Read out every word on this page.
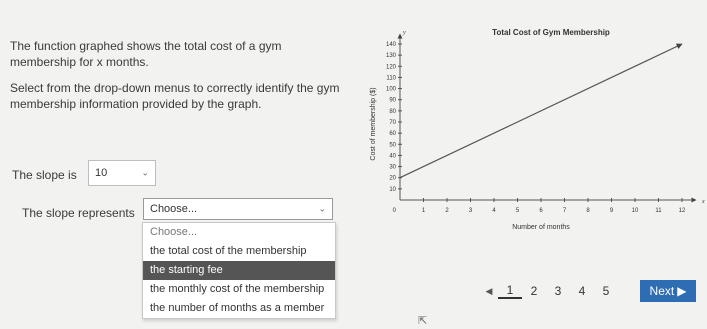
The function graphed shows the total cost of a gym membership for x months.
Select from the drop-down menus to correctly identify the gym membership information provided by the graph.
The slope is 10	⌄
The slope represents Choose...	⌄
Choose...
the total cost of the membership
the starting fee
the monthly cost of the membership
the number of months as a member
1	2	3	4	5	6	7	8	9	10	11	12
10
20
30
40
50
60
70
80
90
100
110
120
130
140
0
Total Cost of Gym Membership
Number of months
Cost of membership ($)
x
y
◀	1	2	3	4	5	Next ▶
⇱
